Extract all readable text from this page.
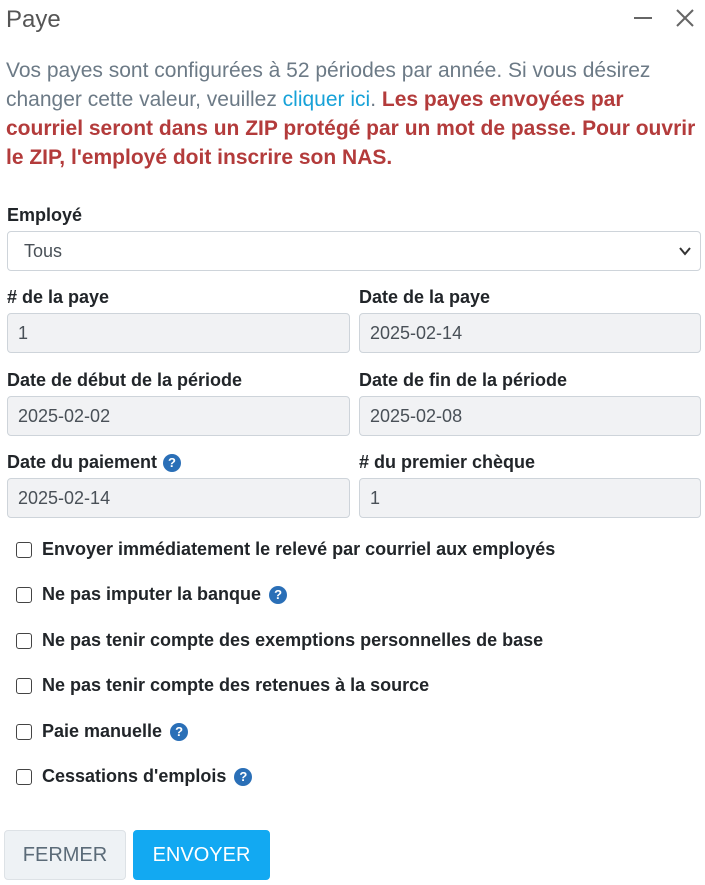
Paye
Vos payes sont configurées à 52 périodes par année. Si vous désirez changer cette valeur, veuillez cliquer ici. Les payes envoyées par courriel seront dans un ZIP protégé par un mot de passe. Pour ouvrir le ZIP, l'employé doit inscrire son NAS.
Employé
Tous
# de la paye
1
Date de la paye
2025-02-14
Date de début de la période
2025-02-02
Date de fin de la période
2025-02-08
Date du paiement ?
2025-02-14
# du premier chèque
1
Envoyer immédiatement le relevé par courriel aux employés
Ne pas imputer la banque	?
Ne pas tenir compte des exemptions personnelles de base
Ne pas tenir compte des retenues à la source
Paie manuelle	?
Cessations d'emplois	?
FERMER	ENVOYER
